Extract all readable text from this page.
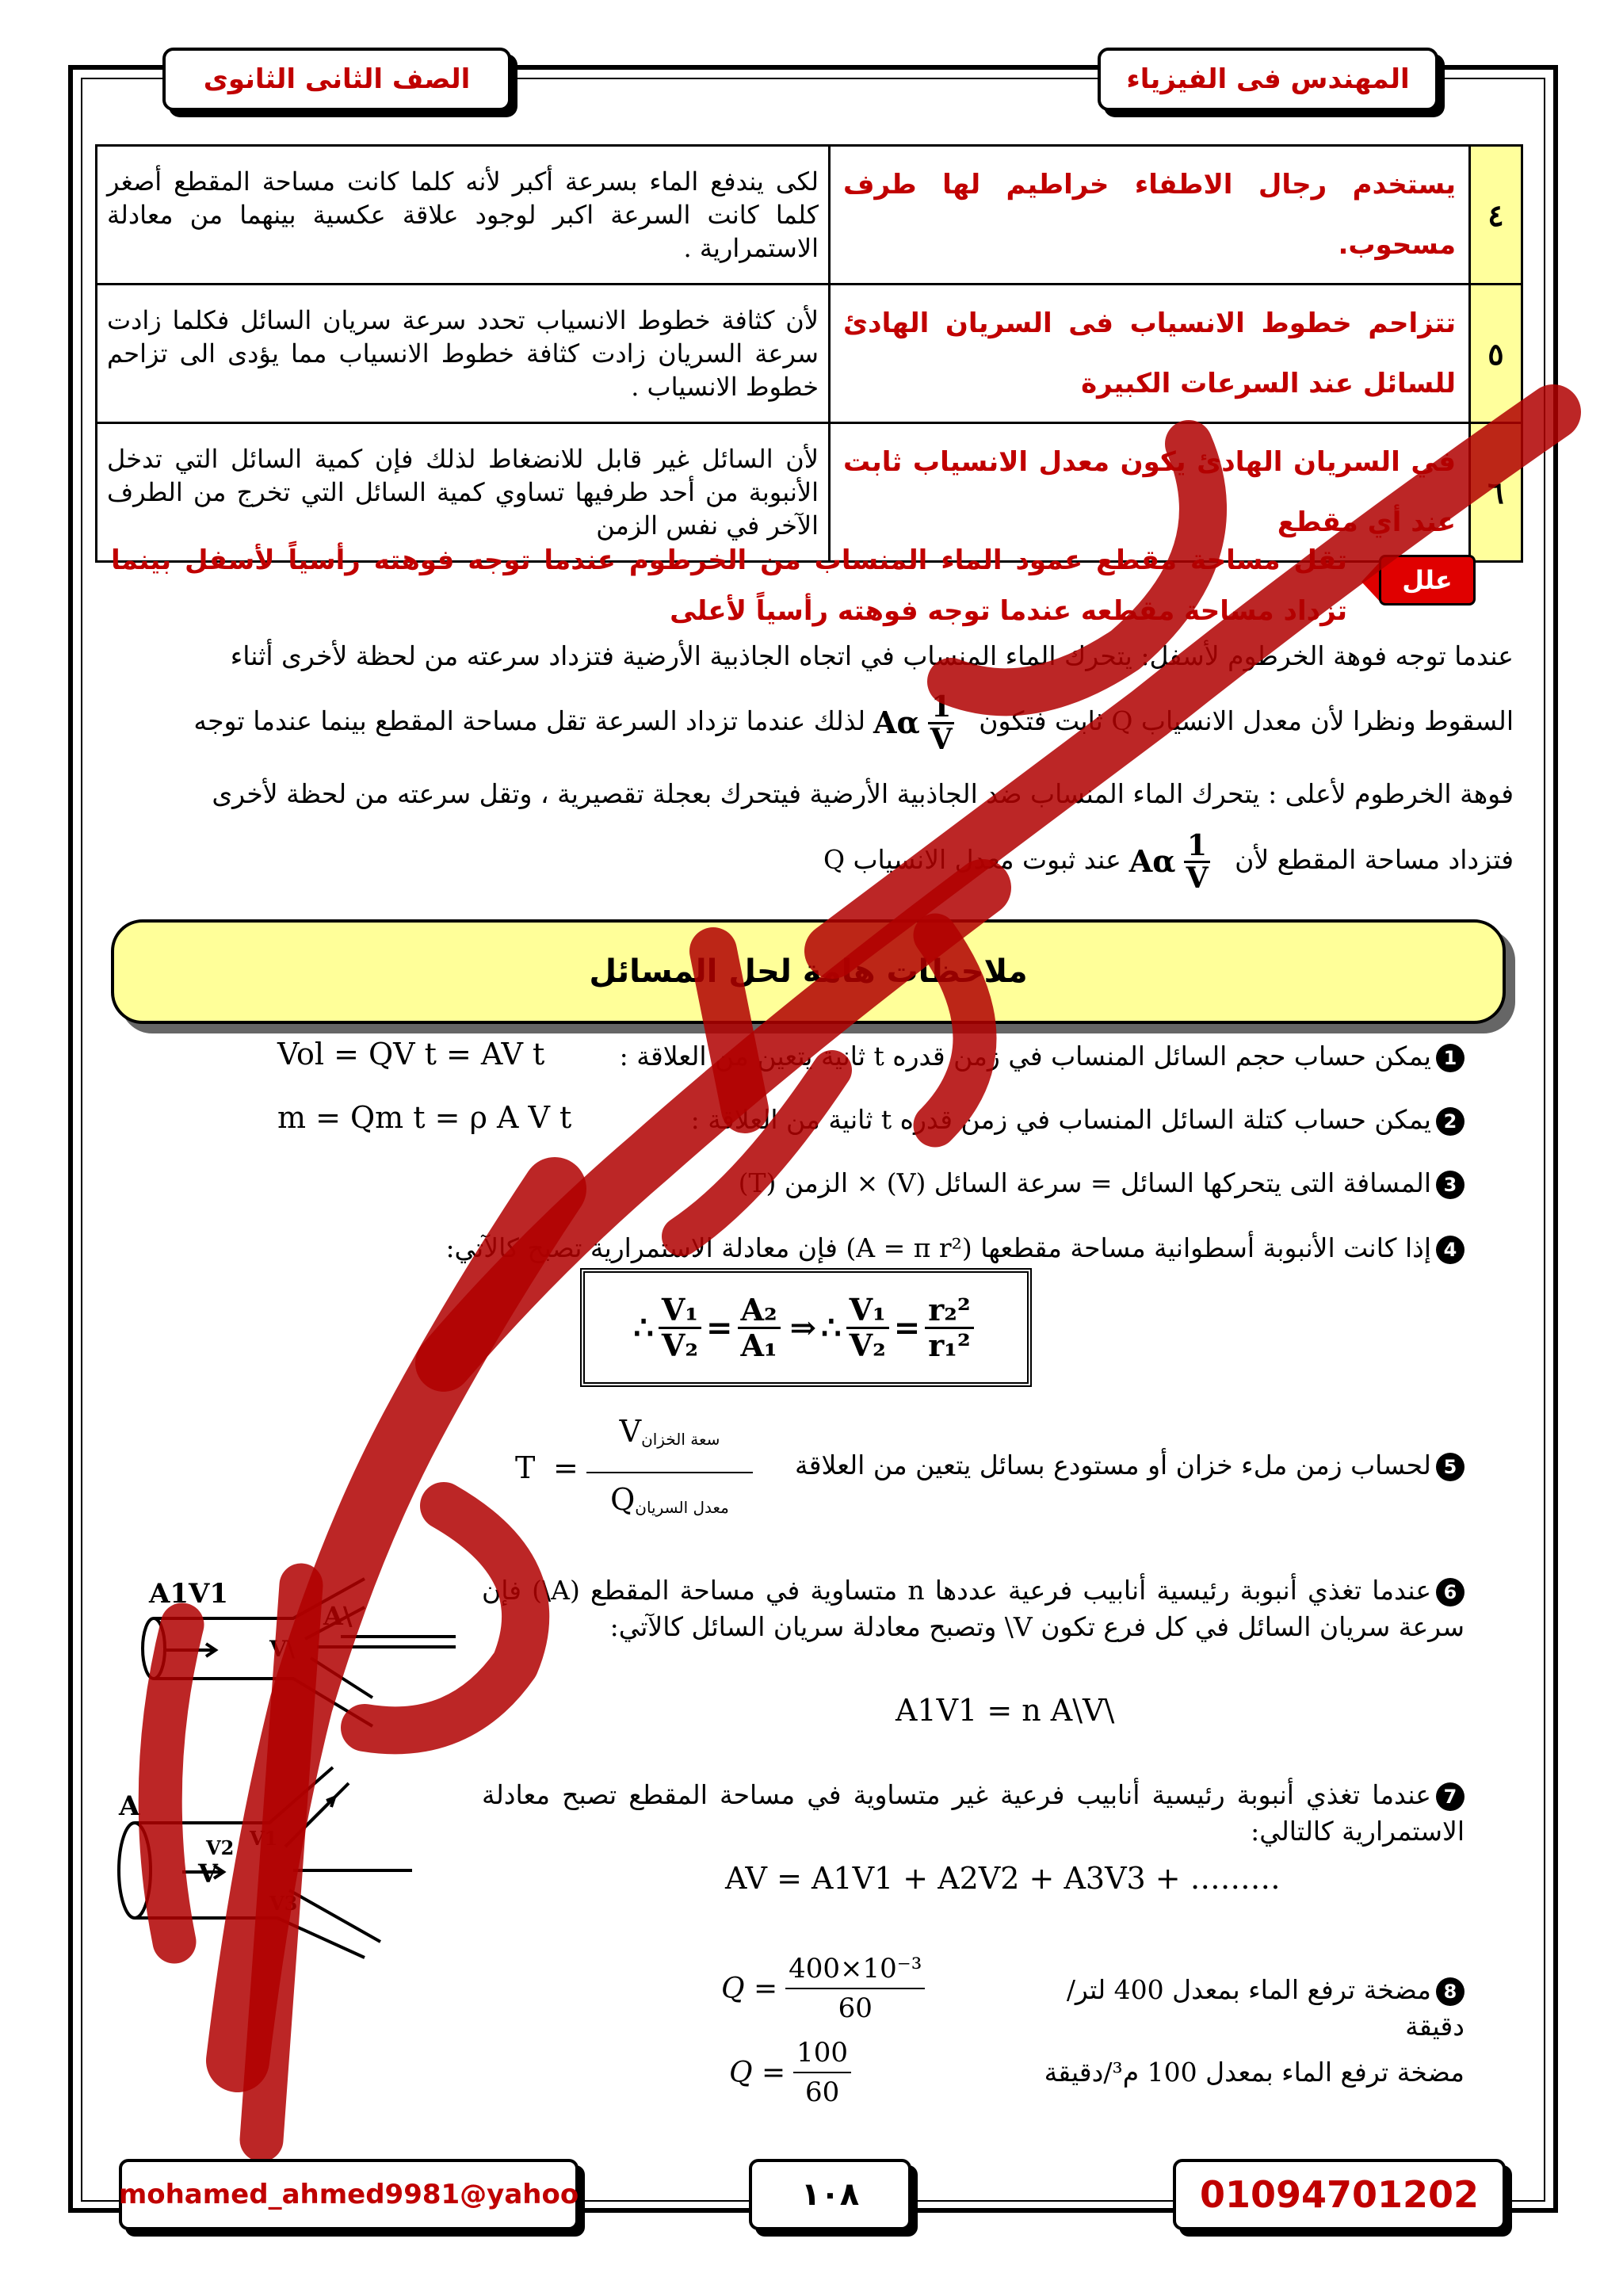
المهندس فى الفيزياء
الصف الثانى الثانوى
٤	يستخدم رجال الاطفاء خراطيم لها طرف مسحوب.	لكى يندفع الماء بسرعة أكبر لأنه كلما كانت مساحة المقطع أصغر كلما كانت السرعة اكبر لوجود علاقة عكسية بينهما من معادلة الاستمرارية .
٥	تتزاحم خطوط الانسياب فى السريان الهادئ للسائل عند السرعات الكبيرة	لأن كثافة خطوط الانسياب تحدد سرعة سريان السائل فكلما زادت سرعة السريان زادت كثافة خطوط الانسياب مما يؤدى الى تزاحم خطوط الانسياب .
٦	في السريان الهادئ يكون معدل الانسياب ثابت عند أي مقطع	لأن السائل غير قابل للانضغاط لذلك فإن كمية السائل التي تدخل الأنبوبة من أحد طرفيها تساوي كمية السائل التي تخرج من الطرف الآخر في نفس الزمن
علل
تقل مساحة مقطع عمود الماء المنساب من الخرطوم عندما توجه فوهته رأسياً لأسفل بينما تزداد مساحة مقطعه عندما توجه فوهته رأسياً لأعلى
عندما توجه فوهة الخرطوم لأسفل: يتحرك الماء المنساب في اتجاه الجاذبية الأرضية فتزداد سرعته من لحظة لأخرى أثناء
السقوط ونظرا لأن معدل الانسياب Q ثابت فتكون Aα $\frac{1}{V}$
لذلك عندما تزداد السرعة تقل مساحة المقطع بينما عندما توجه
فوهة الخرطوم لأعلى : يتحرك الماء المنساب ضد الجاذبية الأرضية فيتحرك بعجلة تقصيرية ، وتقل سرعته من لحظة لأخرى
فتزداد مساحة المقطع لأن Aα $\frac{1}{V}$
عند ثبوت معدل الانسياب Q
ملاحظات هامة لحل المسائل
1يمكن حساب حجم السائل المنساب في زمن قدره t ثانية يتعين من العلاقة :
Vol = QV t = AV t
2يمكن حساب كتلة السائل المنساب في زمن قدره t ثانية من العلاقة :
m = Qm t = ρ A V t
3المسافة التى يتحركها السائل = سرعة السائل (V) × الزمن (T)
4إذا كانت الأنبوبة أسطوانية مساحة مقطعها (A = π r²) فإن معادلة الاستمرارية تصبح كالآتي:
∴ $\frac{\text{V₁}}{\text{V₂}} = \frac{\text{A₂}}{\text{A₁}}$ ⇒ ∴ $\frac{\text{V₁}}{\text{V₂}} = \frac{\text{r₂²}}{\text{r₁²}}$
5لحساب زمن ملء خزان أو مستودع بسائل يتعين من العلاقة
T =
$V_{سعة الخزان}$
$Q_{معدل السريان}$
6عندما تغذي أنبوبة رئيسية أنابيب فرعية عددها n متساوية في مساحة المقطع (A\) فإن سرعة سريان السائل في كل فرع تكون V\ وتصبح معادلة سريان السائل كالآتي:
A1V1 = n A\V\
A1V1
A\
V\
7عندما تغذي أنبوبة رئيسية أنابيب فرعية غير متساوية في مساحة المقطع تصبح معادلة الاستمرارية كالتالي:
AV = A1V1 + A2V2 + A3V3 + ………
A
V
V1
V2
V3
8مضخة ترفع الماء بمعدل 400 لتر/دقيقة
$Q = \frac{\text{400×10⁻³}}{60}$
مضخة ترفع الماء بمعدل 100 م³/دقيقة
$Q = \frac{100}{60}$
mohamed_ahmed9981@yahoo	١٠٨	01094701202
